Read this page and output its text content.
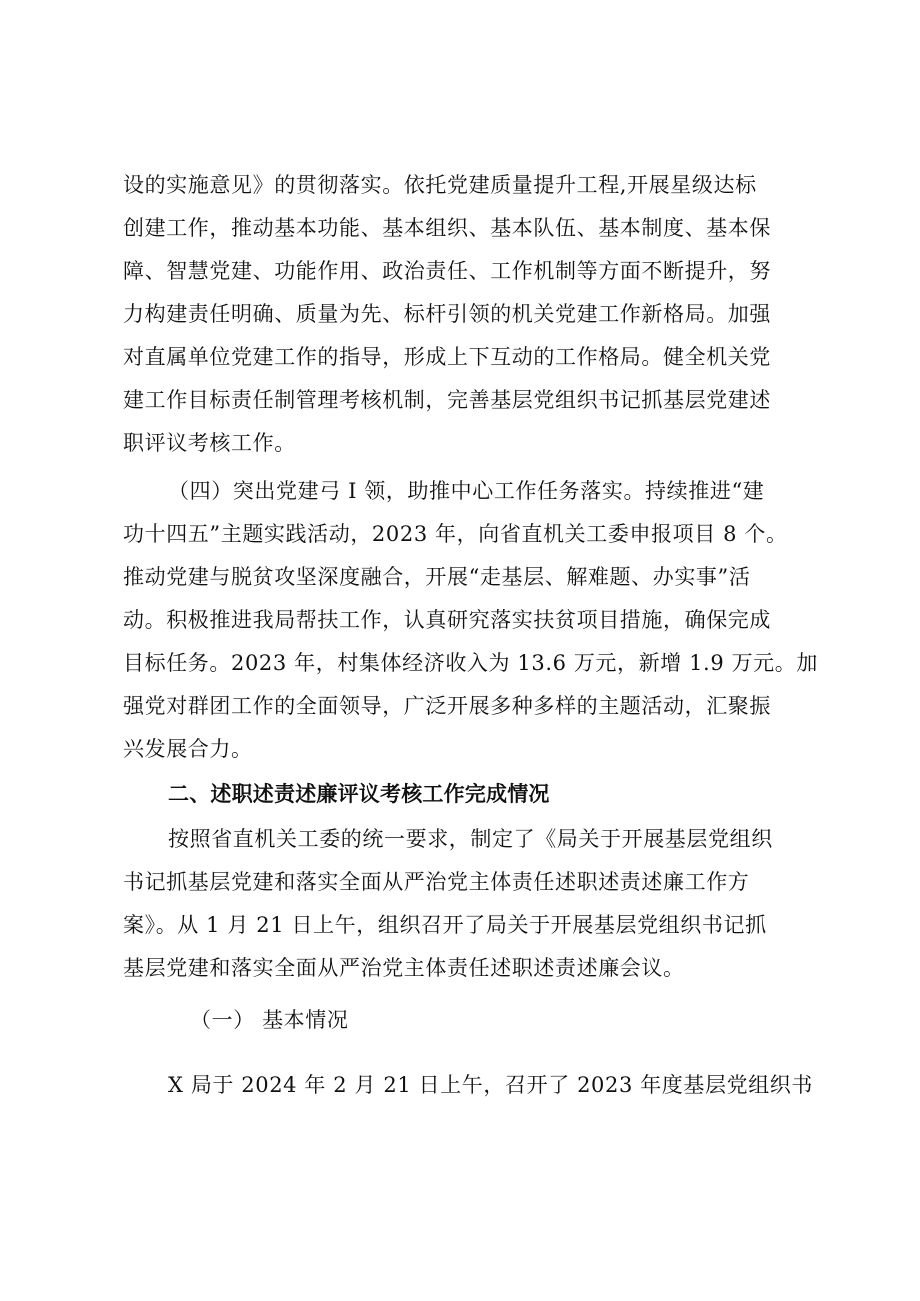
设的实施意见》的贯彻落实。依托党建质量提升工程,开展星级达标
创建工作，推动基本功能、基本组织、基本队伍、基本制度、基本保
障、智慧党建、功能作用、政治责任、工作机制等方面不断提升，努
力构建责任明确、质量为先、标杆引领的机关党建工作新格局。加强
对直属单位党建工作的指导，形成上下互动的工作格局。健全机关党
建工作目标责任制管理考核机制，完善基层党组织书记抓基层党建述
职评议考核工作。
（四）突出党建弓 I 领，助推中心工作任务落实。持续推进“建
功十四五”主题实践活动，2023 年，向省直机关工委申报项目 8 个。
推动党建与脱贫攻坚深度融合，开展“走基层、解难题、办实事”活
动。积极推进我局帮扶工作，认真研究落实扶贫项目措施，确保完成
目标任务。2023 年，村集体经济收入为 13.6 万元，新增 1.9 万元。加
强党对群团工作的全面领导，广泛开展多种多样的主题活动，汇聚振
兴发展合力。
二、述职述责述廉评议考核工作完成情况
按照省直机关工委的统一要求，制定了《局关于开展基层党组织
书记抓基层党建和落实全面从严治党主体责任述职述责述廉工作方
案》。从 1 月 21 日上午，组织召开了局关于开展基层党组织书记抓
基层党建和落实全面从严治党主体责任述职述责述廉会议。
（一） 基本情况
X 局于 2024 年 2 月 21 日上午，召开了 2023 年度基层党组织书
